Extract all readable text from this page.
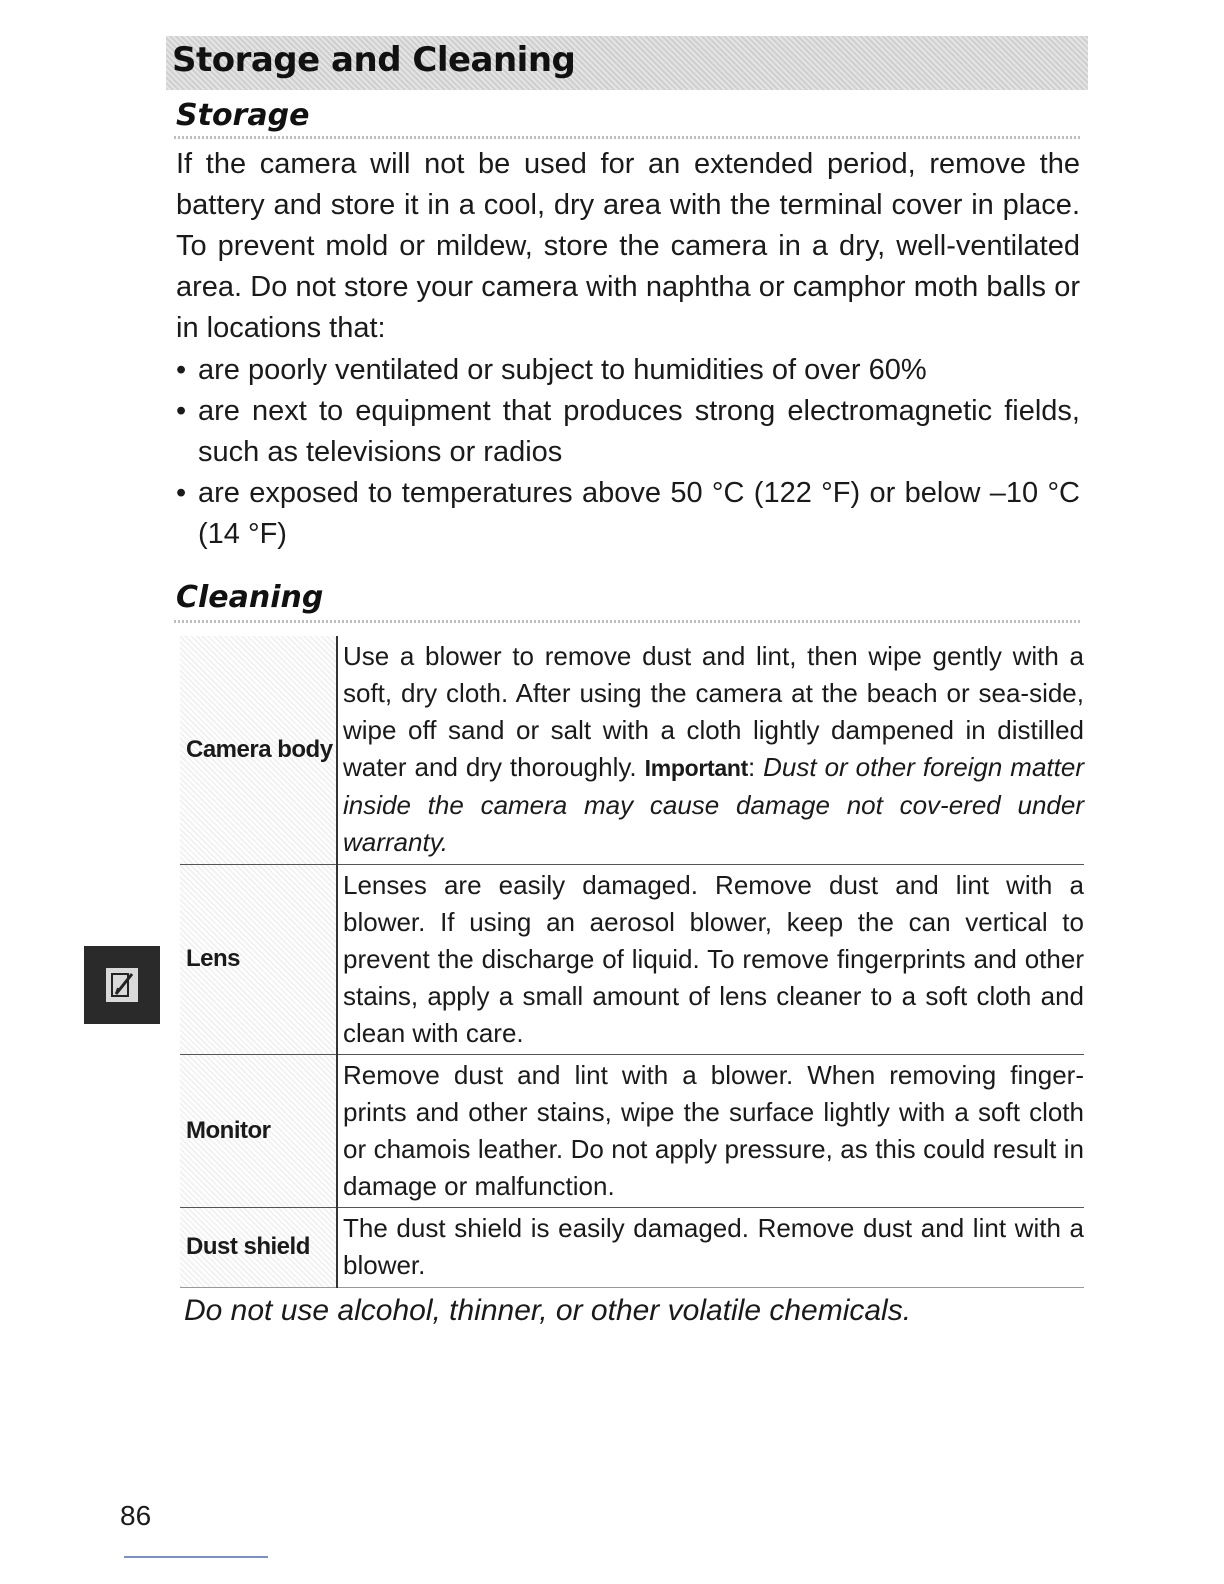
Storage and Cleaning
Storage

If the camera will not be used for an extended period, remove the battery and store it in a cool, dry area with the terminal cover in place. To prevent mold or mildew, store the camera in a dry, well-ventilated area. Do not store your camera with naphtha or camphor moth balls or in locations that:

• are poorly ventilated or subject to humidities of over 60%
• are next to equipment that produces strong electromagnetic fields, such as televisions or radios
• are exposed to temperatures above 50 °C (122 °F) or below –10 °C (14 °F)
Cleaning
Camera body	Use a blower to remove dust and lint, then wipe gently with a soft, dry cloth. After using the camera at the beach or sea-side, wipe off sand or salt with a cloth lightly dampened in distilled water and dry thoroughly. Important: Dust or other foreign matter inside the camera may cause damage not cov-ered under warranty.
Lens	Lenses are easily damaged. Remove dust and lint with a blower. If using an aerosol blower, keep the can vertical to prevent the discharge of liquid. To remove fingerprints and other stains, apply a small amount of lens cleaner to a soft cloth and clean with care.
Monitor	Remove dust and lint with a blower. When removing finger-prints and other stains, wipe the surface lightly with a soft cloth or chamois leather. Do not apply pressure, as this could result in damage or malfunction.
Dust shield	The dust shield is easily damaged. Remove dust and lint with a blower.
Do not use alcohol, thinner, or other volatile chemicals.
86
